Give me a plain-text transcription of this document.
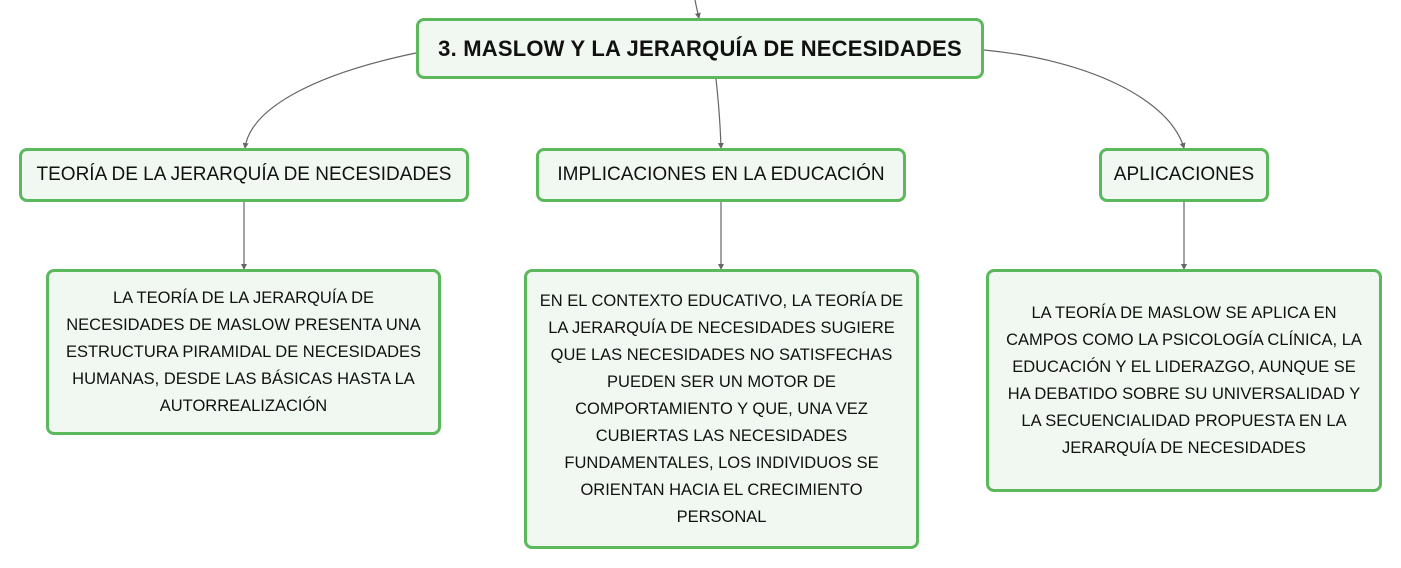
3. MASLOW Y LA JERARQUÍA DE NECESIDADES
TEORÍA DE LA JERARQUÍA DE NECESIDADES	IMPLICACIONES EN LA EDUCACIÓN	APLICACIONES
LA TEORÍA DE LA JERARQUÍA DE NECESIDADES DE MASLOW PRESENTA UNA ESTRUCTURA PIRAMIDAL DE NECESIDADES HUMANAS, DESDE LAS BÁSICAS HASTA LA AUTORREALIZACIÓN
EN EL CONTEXTO EDUCATIVO, LA TEORÍA DE LA JERARQUÍA DE NECESIDADES SUGIERE QUE LAS NECESIDADES NO SATISFECHAS PUEDEN SER UN MOTOR DE COMPORTAMIENTO Y QUE, UNA VEZ CUBIERTAS LAS NECESIDADES FUNDAMENTALES, LOS INDIVIDUOS SE ORIENTAN HACIA EL CRECIMIENTO PERSONAL
LA TEORÍA DE MASLOW SE APLICA EN CAMPOS COMO LA PSICOLOGÍA CLÍNICA, LA EDUCACIÓN Y EL LIDERAZGO, AUNQUE SE HA DEBATIDO SOBRE SU UNIVERSALIDAD Y LA SECUENCIALIDAD PROPUESTA EN LA JERARQUÍA DE NECESIDADES
